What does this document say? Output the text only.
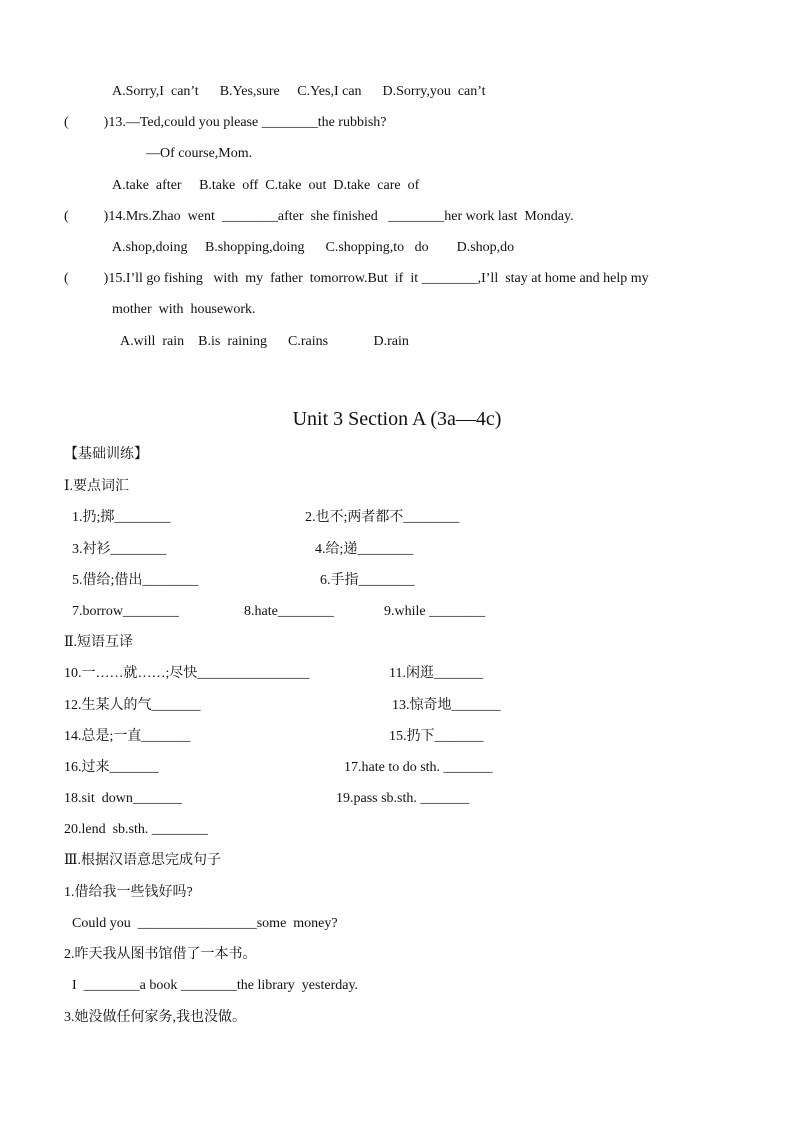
A.Sorry,I  can’t      B.Yes,sure     C.Yes,I can      D.Sorry,you  can’t
(          )13.—Ted,could you please ________the rubbish?
—Of course,Mom.
A.take  after     B.take  off  C.take  out  D.take  care  of
(          )14.Mrs.Zhao  went  ________after  she finished   ________her work last  Monday.
A.shop,doing     B.shopping,doing      C.shopping,to   do        D.shop,do
(          )15.I’ll go fishing   with  my  father  tomorrow.But  if  it ________,I’ll  stay at home and help my
mother  with  housework.
A.will  rain    B.is  raining      C.rains             D.rain
Unit 3 Section A (3a—4c)
【基础训练】
Ⅰ.要点词汇
1.扔;掷________	2.也不;两者都不________
3.衬衫________	4.给;递________
5.借给;借出________	6.手指________
7.borrow________	8.hate________	9.while ________
Ⅱ.短语互译
10.一……就……;尽快________________	11.闲逛_______
12.生某人的气_______	13.惊奇地_______
14.总是;一直_______	15.扔下_______
16.过来_______	17.hate to do sth. _______
18.sit  down_______	19.pass sb.sth. _______
20.lend  sb.sth. ________
Ⅲ.根据汉语意思完成句子
1.借给我一些钱好吗?
Could you  _________________some  money?
2.昨天我从图书馆借了一本书。
I  ________a book ________the library  yesterday.
3.她没做任何家务,我也没做。
